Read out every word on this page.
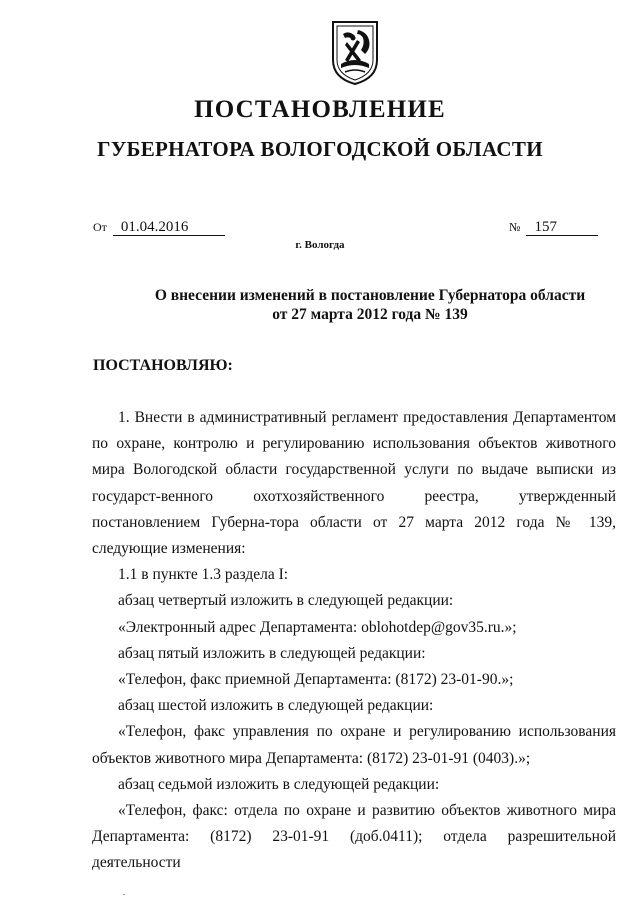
ПОСТАНОВЛЕНИЕ
ГУБЕРНАТОРА ВОЛОГОДСКОЙ ОБЛАСТИ
От 01.04.2016	№ 157
г. Вологда
О внесении изменений в постановление Губернатора области
от 27 марта 2012 года № 139
ПОСТАНОВЛЯЮ:

1. Внести в административный регламент предоставления Департаментом по охране, контролю и регулированию использования объектов животного мира Вологодской области государственной услуги по выдаче выписки из государст-венного охотхозяйственного реестра, утвержденный постановлением Губерна-тора области от 27 марта 2012 года № 139, следующие изменения:

1.1 в пункте 1.3 раздела I:

абзац четвертый изложить в следующей редакции:

«Электронный адрес Департамента: oblohotdep@gov35.ru.»;

абзац пятый изложить в следующей редакции:

«Телефон, факс приемной Департамента: (8172) 23-01-90.»;

абзац шестой изложить в следующей редакции:

«Телефон, факс управления по охране и регулированию использования объектов животного мира Департамента: (8172) 23-01-91 (0403).»;

абзац седьмой изложить в следующей редакции:

«Телефон, факс: отдела по охране и развитию объектов животного мира Департамента: (8172) 23-01-91 (доб.0411); отдела разрешительной деятельности
